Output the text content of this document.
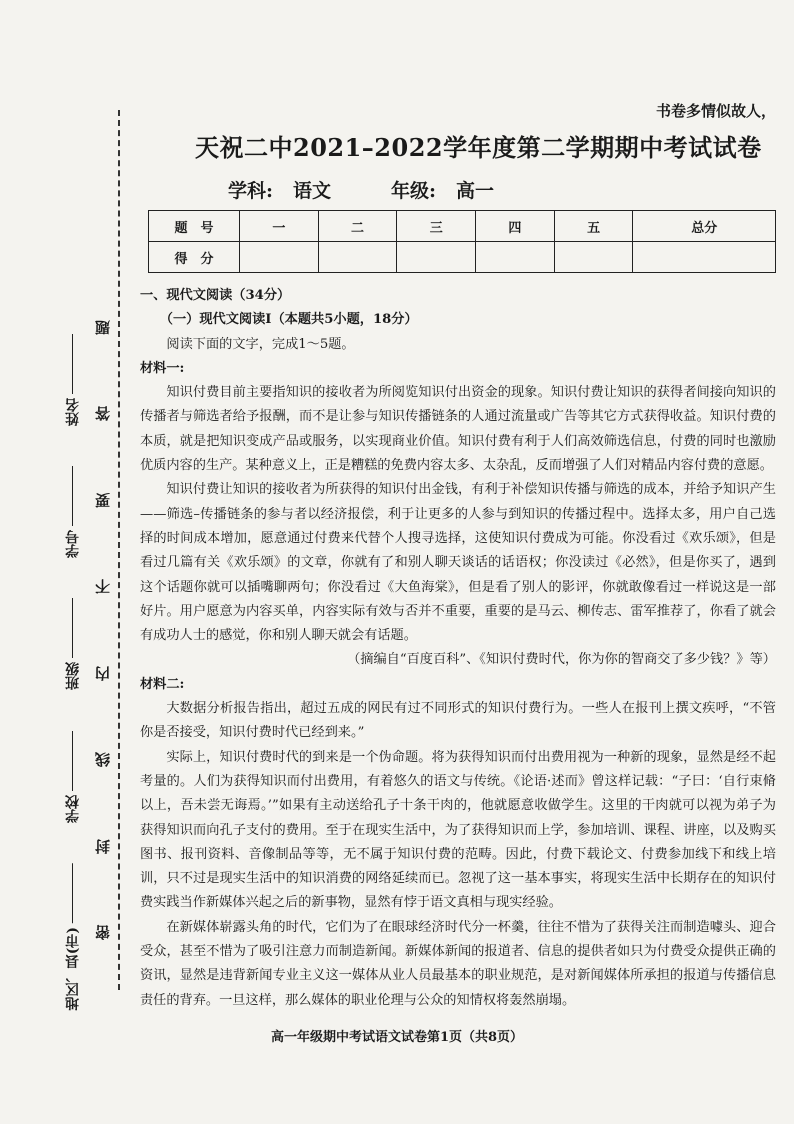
题
答
要
不
内
线
封
密
地区、县(市)
学校
班级
学号
姓名
书卷多情似故人，
天祝二中2021–2022学年度第二学期期中考试试卷
学科: 语文	年级: 高一
题　号	一	二	三	四	五	总分
得　分						

一、现代文阅读（34分）

（一）现代文阅读Ⅰ（本题共5小题，18分）

阅读下面的文字，完成1～5题。

材料一:

知识付费目前主要指知识的接收者为所阅览知识付出资金的现象。知识付费让知识的获得者间接向知识的传播者与筛选者给予报酬，而不是让参与知识传播链条的人通过流量或广告等其它方式获得收益。知识付费的本质，就是把知识变成产品或服务，以实现商业价值。知识付费有利于人们高效筛选信息，付费的同时也激励优质内容的生产。某种意义上，正是糟糕的免费内容太多、太杂乱，反而增强了人们对精品内容付费的意愿。

知识付费让知识的接收者为所获得的知识付出金钱，有利于补偿知识传播与筛选的成本，并给予知识产生——筛选–传播链条的参与者以经济报偿，利于让更多的人参与到知识的传播过程中。选择太多，用户自己选择的时间成本增加，愿意通过付费来代替个人搜寻选择，这使知识付费成为可能。你没看过《欢乐颂》，但是看过几篇有关《欢乐颂》的文章，你就有了和别人聊天谈话的话语权；你没读过《必然》，但是你买了，遇到这个话题你就可以插嘴聊两句；你没看过《大鱼海棠》，但是看了别人的影评，你就敢像看过一样说这是一部好片。用户愿意为内容买单，内容实际有效与否并不重要，重要的是马云、柳传志、雷军推荐了，你看了就会有成功人士的感觉，你和别人聊天就会有话题。

（摘编自“百度百科”、《知识付费时代，你为你的智商交了多少钱？》等）

材料二:

大数据分析报告指出，超过五成的网民有过不同形式的知识付费行为。一些人在报刊上撰文疾呼，“不管你是否接受，知识付费时代已经到来。”

实际上，知识付费时代的到来是一个伪命题。将为获得知识而付出费用视为一种新的现象，显然是经不起考量的。人们为获得知识而付出费用，有着悠久的语文与传统。《论语·述而》曾这样记载：“子曰：‘自行束脩以上，吾未尝无诲焉。’”如果有主动送给孔子十条干肉的，他就愿意收做学生。这里的干肉就可以视为弟子为获得知识而向孔子支付的费用。至于在现实生活中，为了获得知识而上学，参加培训、课程、讲座，以及购买图书、报刊资料、音像制品等等，无不属于知识付费的范畴。因此，付费下载论文、付费参加线下和线上培训，只不过是现实生活中的知识消费的网络延续而已。忽视了这一基本事实，将现实生活中长期存在的知识付费实践当作新媒体兴起之后的新事物，显然有悖于语文真相与现实经验。

在新媒体崭露头角的时代，它们为了在眼球经济时代分一杯羹，往往不惜为了获得关注而制造噱头、迎合受众，甚至不惜为了吸引注意力而制造新闻。新媒体新闻的报道者、信息的提供者如只为付费受众提供正确的资讯，显然是违背新闻专业主义这一媒体从业人员最基本的职业规范，是对新闻媒体所承担的报道与传播信息责任的背弃。一旦这样，那么媒体的职业伦理与公众的知情权将轰然崩塌。

高一年级期中考试语文试卷第1页（共8页）
